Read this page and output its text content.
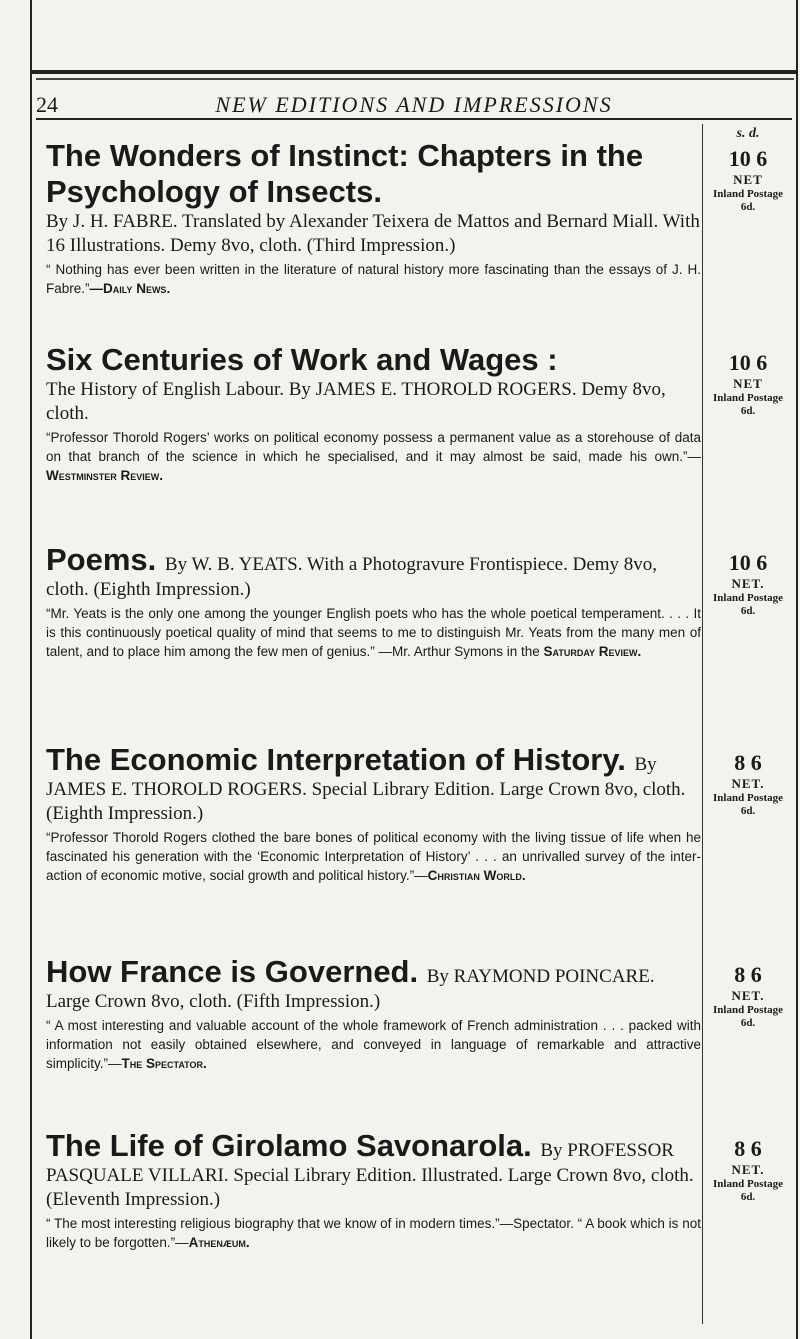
24	NEW EDITIONS AND IMPRESSIONS
s. d.
The Wonders of Instinct: Chapters in the Psychology of Insects.
By J. H. FABRE. Translated by Alexander Teixera de Mattos and Bernard Miall. With 16 Illustrations. Demy 8vo, cloth. (Third Impression.)
“ Nothing has ever been written in the literature of natural history more fascinating than the essays of J. H. Fabre.”—Daily News.
10 6
NET
Inland Postage 6d.
Six Centuries of Work and Wages :
The History of English Labour. By JAMES E. THOROLD ROGERS. Demy 8vo, cloth.
“Professor Thorold Rogers’ works on political economy possess a permanent value as a storehouse of data on that branch of the science in which he specialised, and it may almost be said, made his own.”—Westminster Review.
10 6
NET
Inland Postage 6d.
Poems. By W. B. YEATS. With a Photogravure Frontispiece. Demy 8vo, cloth. (Eighth Impression.)
“Mr. Yeats is the only one among the younger English poets who has the whole poetical temperament. . . . It is this continuously poetical quality of mind that seems to me to distinguish Mr. Yeats from the many men of talent, and to place him among the few men of genius.” —Mr. Arthur Symons in the Saturday Review.
10 6
NET.
Inland Postage 6d.
The Economic Interpretation of History. By JAMES E. THOROLD ROGERS. Special Library Edition. Large Crown 8vo, cloth. (Eighth Impression.)
“Professor Thorold Rogers clothed the bare bones of political economy with the living tissue of life when he fascinated his generation with the ‘Economic Interpretation of History’ . . . an unrivalled survey of the inter-action of economic motive, social growth and political history.”—Christian World.
8 6
NET.
Inland Postage 6d.
How France is Governed. By RAYMOND POINCARE. Large Crown 8vo, cloth. (Fifth Impression.)
“ A most interesting and valuable account of the whole framework of French administration . . . packed with information not easily obtained elsewhere, and conveyed in language of remarkable and attractive simplicity.”—The Spectator.
8 6
NET.
Inland Postage 6d.
The Life of Girolamo Savonarola. By PROFESSOR PASQUALE VILLARI. Special Library Edition. Illustrated. Large Crown 8vo, cloth. (Eleventh Impression.)
“ The most interesting religious biography that we know of in modern times.”—Spectator. “ A book which is not likely to be forgotten.”—Athenæum.
8 6
NET.
Inland Postage 6d.
